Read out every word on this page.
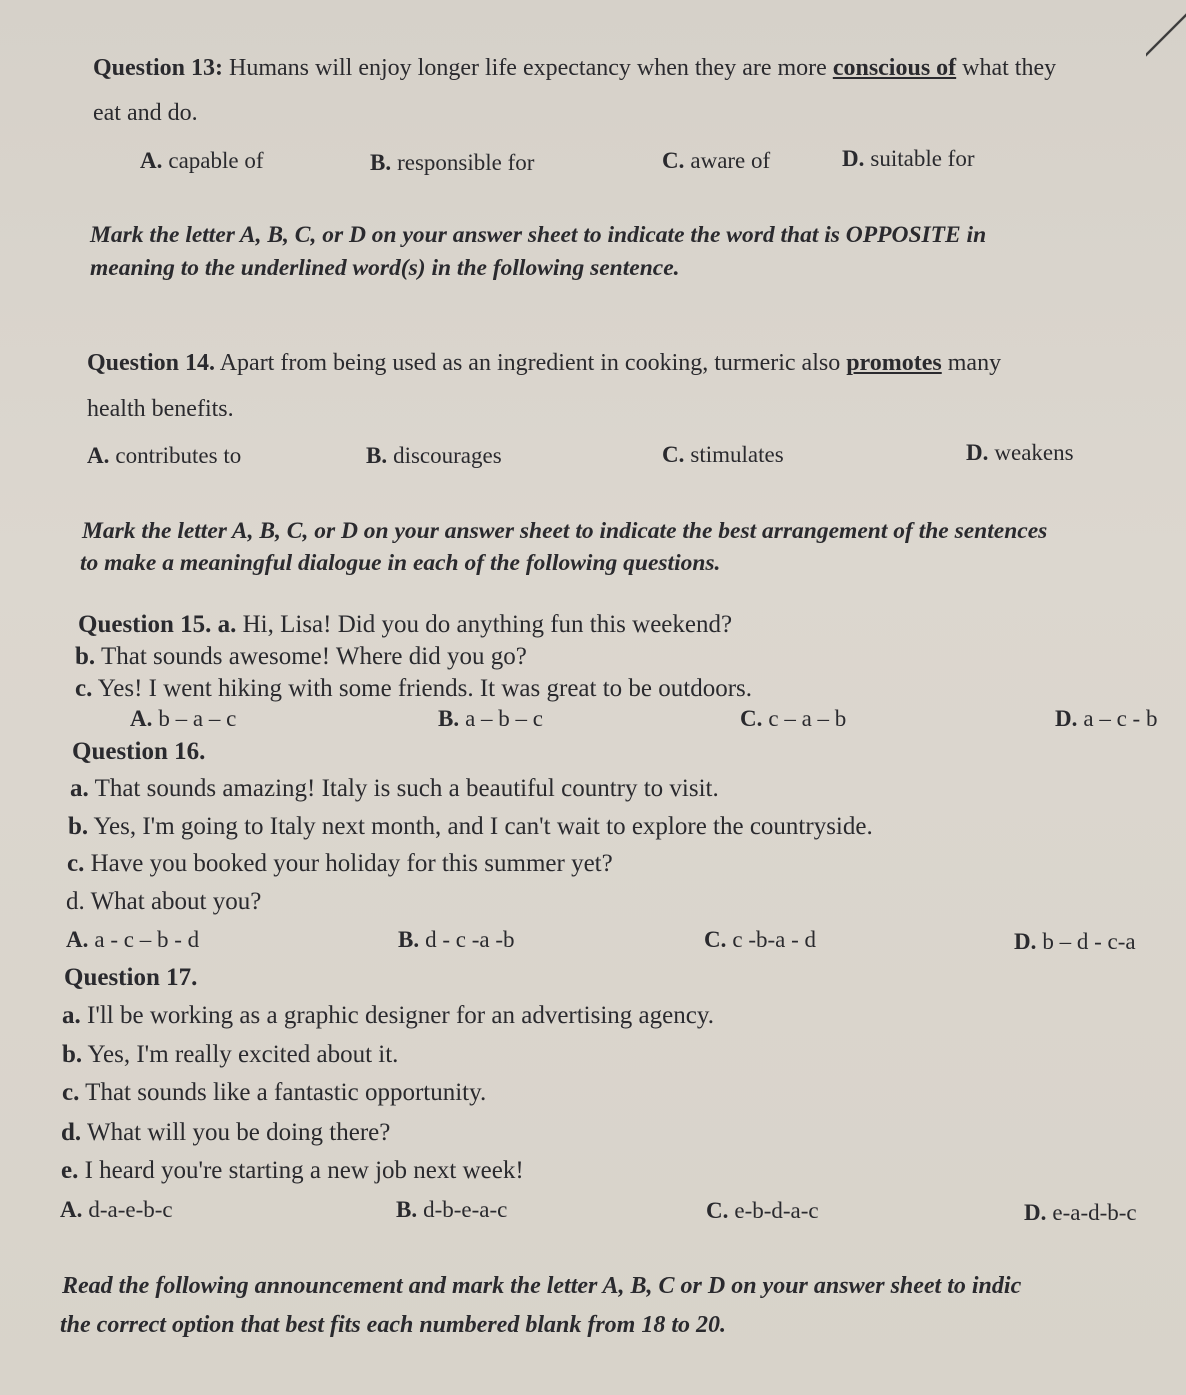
Question 13: Humans will enjoy longer life expectancy when they are more conscious of what they
eat and do.
A. capable of	B. responsible for	C. aware of	D. suitable for
Mark the letter A, B, C, or D on your answer sheet to indicate the word that is OPPOSITE in
meaning to the underlined word(s) in the following sentence.
Question 14. Apart from being used as an ingredient in cooking, turmeric also promotes many
health benefits.
A. contributes to	B. discourages	C. stimulates	D. weakens
Mark the letter A, B, C, or D on your answer sheet to indicate the best arrangement of the sentences
to make a meaningful dialogue in each of the following questions.
Question 15. a. Hi, Lisa! Did you do anything fun this weekend?
b. That sounds awesome! Where did you go?
c. Yes! I went hiking with some friends. It was great to be outdoors.
A. b – a – c	B. a – b – c	C. c – a – b	D. a – c - b
Question 16.
a. That sounds amazing! Italy is such a beautiful country to visit.
b. Yes, I'm going to Italy next month, and I can't wait to explore the countryside.
c. Have you booked your holiday for this summer yet?
d. What about you?
A. a - c – b - d	B. d - c -a -b	C. c -b-a - d	D. b – d - c-a
Question 17.
a. I'll be working as a graphic designer for an advertising agency.
b. Yes, I'm really excited about it.
c. That sounds like a fantastic opportunity.
d. What will you be doing there?
e. I heard you're starting a new job next week!
A. d-a-e-b-c	B. d-b-e-a-c	C. e-b-d-a-c	D. e-a-d-b-c
Read the following announcement and mark the letter A, B, C or D on your answer sheet to indic
the correct option that best fits each numbered blank from 18 to 20.
